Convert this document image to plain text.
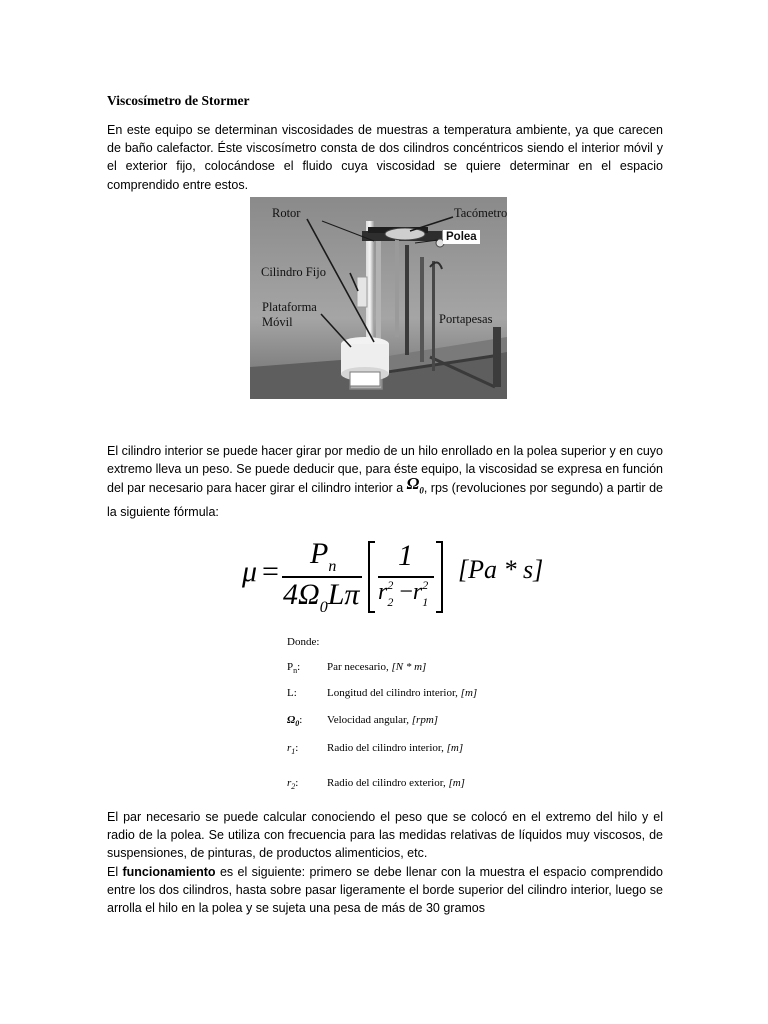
Viscosímetro de Stormer

En este equipo se determinan viscosidades de muestras a temperatura ambiente, ya que carecen de baño calefactor. Éste viscosímetro consta de dos cilindros concéntricos siendo el interior móvil y el exterior fijo, colocándose el fluido cuya viscosidad se quiere determinar en el espacio comprendido entre estos.

El cilindro interior se puede hacer girar por medio de un hilo enrollado en la polea superior y en cuyo extremo lleva un peso. Se puede deducir que, para éste equipo, la viscosidad se expresa en función del par necesario para hacer girar el cilindro interior a $\Omega_0$, rps (revoluciones por segundo) a partir de la siguiente fórmula:

El par necesario se puede calcular conociendo el peso que se colocó en el extremo del hilo y el radio de la polea. Se utiliza con frecuencia para las medidas relativas de líquidos muy viscosos, de suspensiones, de pinturas, de productos alimenticios, etc.

El funcionamiento es el siguiente: primero se debe llenar con la muestra el espacio comprendido entre los dos cilindros, hasta sobre pasar ligeramente el borde superior del cilindro interior, luego se arrolla el hilo en la polea y se sujeta una pesa de más de 30 gramos

Rotor	Tacómetro
Polea
Cilindro Fijo
Plataforma
Móvil	Portapesas
μ =
$P_n$
$4\Omega_0L\pi$
1
$r_2^2 -r_1^2$
[Pa * s]
Donde:
$P_n$: Par necesario, [N * m]
L:	Longitud del cilindro interior, [m]
$\Omega_0$: Velocidad angular, [rpm]
$r_1$:	Radio del cilindro interior, [m]
$r_2$:	Radio del cilindro exterior, [m]
